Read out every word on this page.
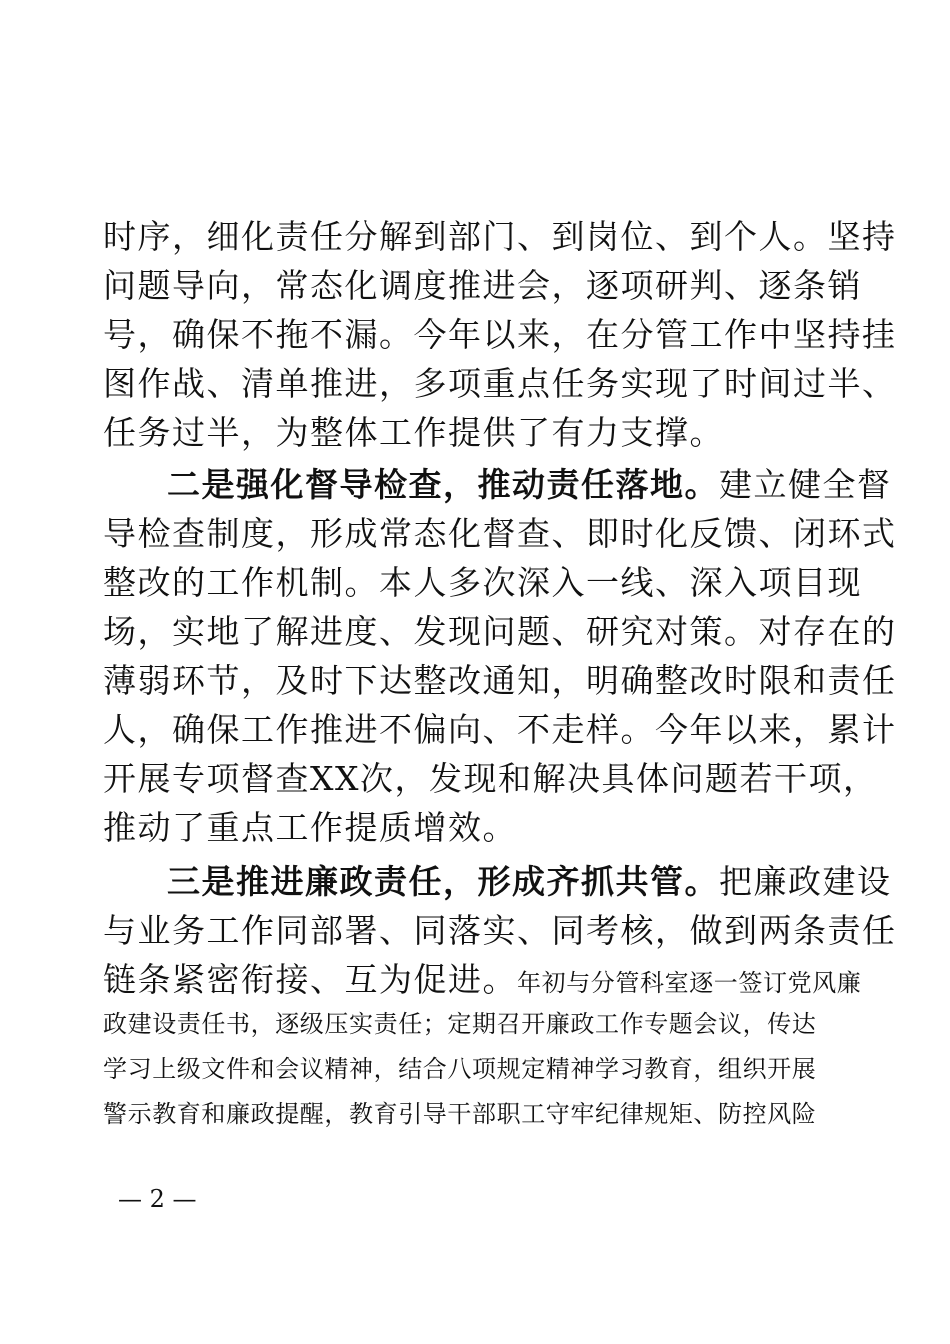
时序，细化责任分解到部门、到岗位、到个人。坚持
问题导向，常态化调度推进会，逐项研判、逐条销
号，确保不拖不漏。今年以来，在分管工作中坚持挂
图作战、清单推进，多项重点任务实现了时间过半、
任务过半，为整体工作提供了有力支撑。
二是强化督导检查，推动责任落地。建立健全督
导检查制度，形成常态化督查、即时化反馈、闭环式
整改的工作机制。本人多次深入一线、深入项目现
场，实地了解进度、发现问题、研究对策。对存在的
薄弱环节，及时下达整改通知，明确整改时限和责任
人，确保工作推进不偏向、不走样。今年以来，累计
开展专项督查XX次，发现和解决具体问题若干项，
推动了重点工作提质增效。
三是推进廉政责任，形成齐抓共管。把廉政建设
与业务工作同部署、同落实、同考核，做到两条责任
链条紧密衔接、互为促进。年初与分管科室逐一签订党风廉
政建设责任书，逐级压实责任；定期召开廉政工作专题会议，传达
学习上级文件和会议精神，结合八项规定精神学习教育，组织开展
警示教育和廉政提醒，教育引导干部职工守牢纪律规矩、防控风险
— 2 —
